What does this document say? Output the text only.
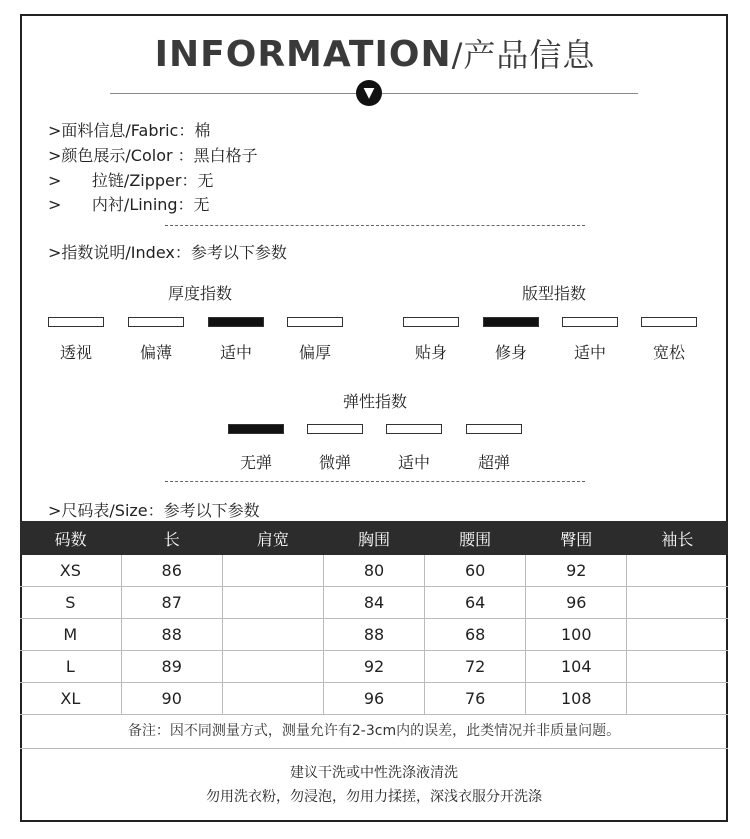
INFORMATION/产品信息
▼
>面料信息/Fabric：棉
>颜色展示/Color ：黑白格子
>      拉链/Zipper：无
>      内衬/Lining：无
>指数说明/Index：参考以下参数
厚度指数
透视	偏薄	适中	偏厚
版型指数
贴身	修身	适中	宽松
弹性指数
无弹	微弹	适中	超弹
>尺码表/Size：参考以下参数
码数	长	肩宽	胸围	腰围	臀围	袖长
XS	86		80	60	92	
S	87		84	64	96	
M	88		88	68	100	
L	89		92	72	104	
XL	90		96	76	108	
备注：因不同测量方式，测量允许有2-3cm内的误差，此类情况并非质量问题。
建议干洗或中性洗涤液清洗
勿用洗衣粉，勿浸泡，勿用力揉搓，深浅衣服分开洗涤
